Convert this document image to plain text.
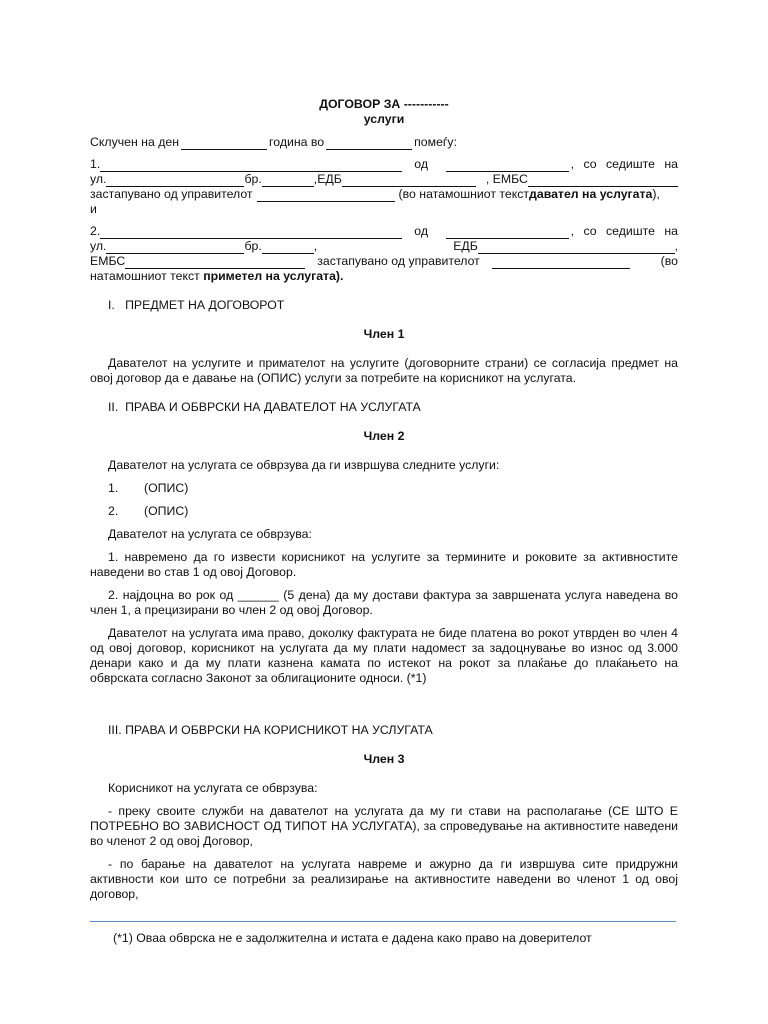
ДОГОВОР ЗА -----------

услуги

Склучен на ден	година во	помеѓу:
1.	од	, со седиште на
ул.	бр.	,ЕДБ	, ЕМБС
застапувано од управителот	(во натамошниот текст давател на услугата ),

и

2.	од	, со седиште на
ул.	бр.	,	ЕДБ	,
ЕМБС	застапувано од управителот	(во

натамошниот текст приметел на услугата).

I.   ПРЕДМЕТ НА ДОГОВОРОТ

Член 1

Давателот на услугите и примателот на услугите (договорните страни) се согласија предмет на овој договор да е давање на (ОПИС) услуги за потребите на корисникот на услугата.

II.  ПРАВА И ОБВРСКИ НА ДАВАТЕЛОТ НА УСЛУГАТА

Член 2

Давателот на услугата се обврзува да ги извршува следните услуги:

1.	(ОПИС)
2.	(ОПИС)

Давателот на услугата се обврзува:

1. навремено да го извести корисникот на услугите за термините и роковите за активностите наведени во став 1 од овој Договор.

2. најдоцна во рок од ______ (5 дена) да му достави фактура за завршената услуга наведена во член 1, а прецизирани во член 2 од овој Договор.

Давателот на услугата има право, доколку фактурата не биде платена во рокот утврден во член 4 од овој договор, корисникот на услугата да му плати надомест за задоцнување во износ од 3.000 денари како и да му плати казнена камата по истекот на рокот за плаќање до плаќањето на обврската согласно Законот за облигационите односи. (*1)

III. ПРАВА И ОБВРСКИ НА КОРИСНИКОТ НА УСЛУГАТА

Член 3

Корисникот на услугата се обврзува:

- преку своите служби на давателот на услугата да му ги стави на располагање (СЕ ШТО Е ПОТРЕБНО ВО ЗАВИСНОСТ ОД ТИПОТ НА УСЛУГАТА), за спроведување на активностите наведени во членот 2 од овој Договор,

- по барање на давателот на услугата навреме и ажурно да ги извршува сите придружни активности кои што се потребни за реализирање на активностите наведени во членот 1 од овој договор,

(*1) Оваа обврска не е задолжителна и истата е дадена како право на доверителот
